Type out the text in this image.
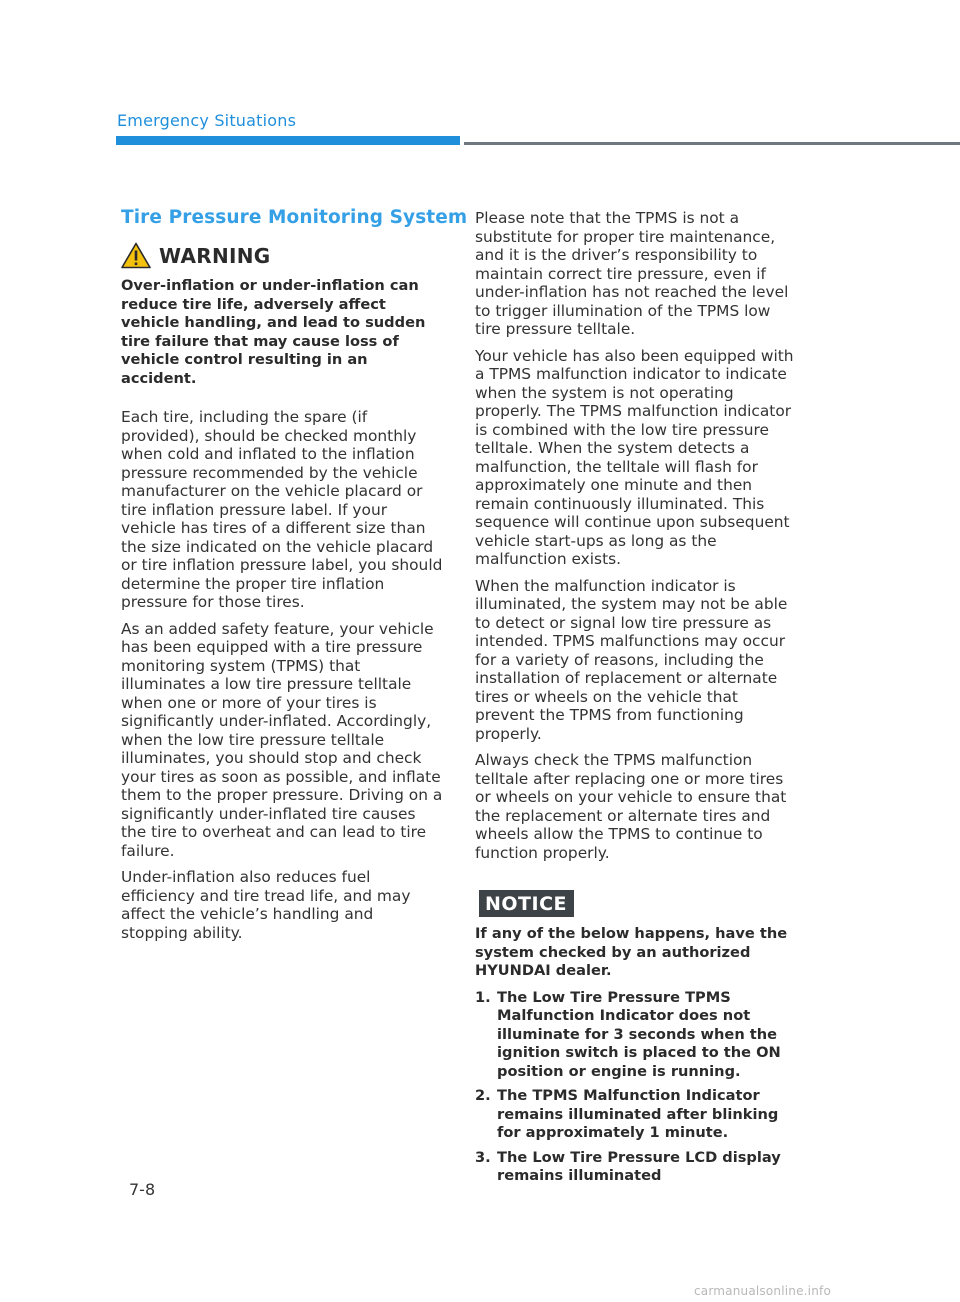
Emergency Situations
Tire Pressure Monitoring System
WARNING

Over-inflation or under-inflation can reduce tire life, adversely affect vehicle handling, and lead to sudden tire failure that may cause loss of vehicle control resulting in an accident.

Each tire, including the spare (if provided), should be checked monthly when cold and inflated to the inflation pressure recommended by the vehicle manufacturer on the vehicle placard or tire inflation pressure label. If your vehicle has tires of a different size than the size indicated on the vehicle placard or tire inflation pressure label, you should determine the proper tire inflation pressure for those tires.

As an added safety feature, your vehicle has been equipped with a tire pressure monitoring system (TPMS) that illuminates a low tire pressure telltale when one or more of your tires is significantly under-inflated. Accordingly, when the low tire pressure telltale illuminates, you should stop and check your tires as soon as possible, and inflate them to the proper pressure. Driving on a significantly under-inflated tire causes the tire to overheat and can lead to tire failure.

Under-inflation also reduces fuel efficiency and tire tread life, and may affect the vehicle’s handling and stopping ability.

Please note that the TPMS is not a substitute for proper tire maintenance, and it is the driver’s responsibility to maintain correct tire pressure, even if under-inflation has not reached the level to trigger illumination of the TPMS low tire pressure telltale.

Your vehicle has also been equipped with a TPMS malfunction indicator to indicate when the system is not operating properly. The TPMS malfunction indicator is combined with the low tire pressure telltale. When the system detects a malfunction, the telltale will flash for approximately one minute and then remain continuously illuminated. This sequence will continue upon subsequent vehicle start-ups as long as the malfunction exists.

When the malfunction indicator is illuminated, the system may not be able to detect or signal low tire pressure as intended. TPMS malfunctions may occur for a variety of reasons, including the installation of replacement or alternate tires or wheels on the vehicle that prevent the TPMS from functioning properly.

Always check the TPMS malfunction telltale after replacing one or more tires or wheels on your vehicle to ensure that the replacement or alternate tires and wheels allow the TPMS to continue to function properly.

NOTICE

If any of the below happens, have the system checked by an authorized HYUNDAI dealer.

1. The Low Tire Pressure TPMS Malfunction Indicator does not illuminate for 3 seconds when the ignition switch is placed to the ON position or engine is running.
2. The TPMS Malfunction Indicator remains illuminated after blinking for approximately 1 minute.
3. The Low Tire Pressure LCD display remains illuminated
7-8
carmanualsonline.info
